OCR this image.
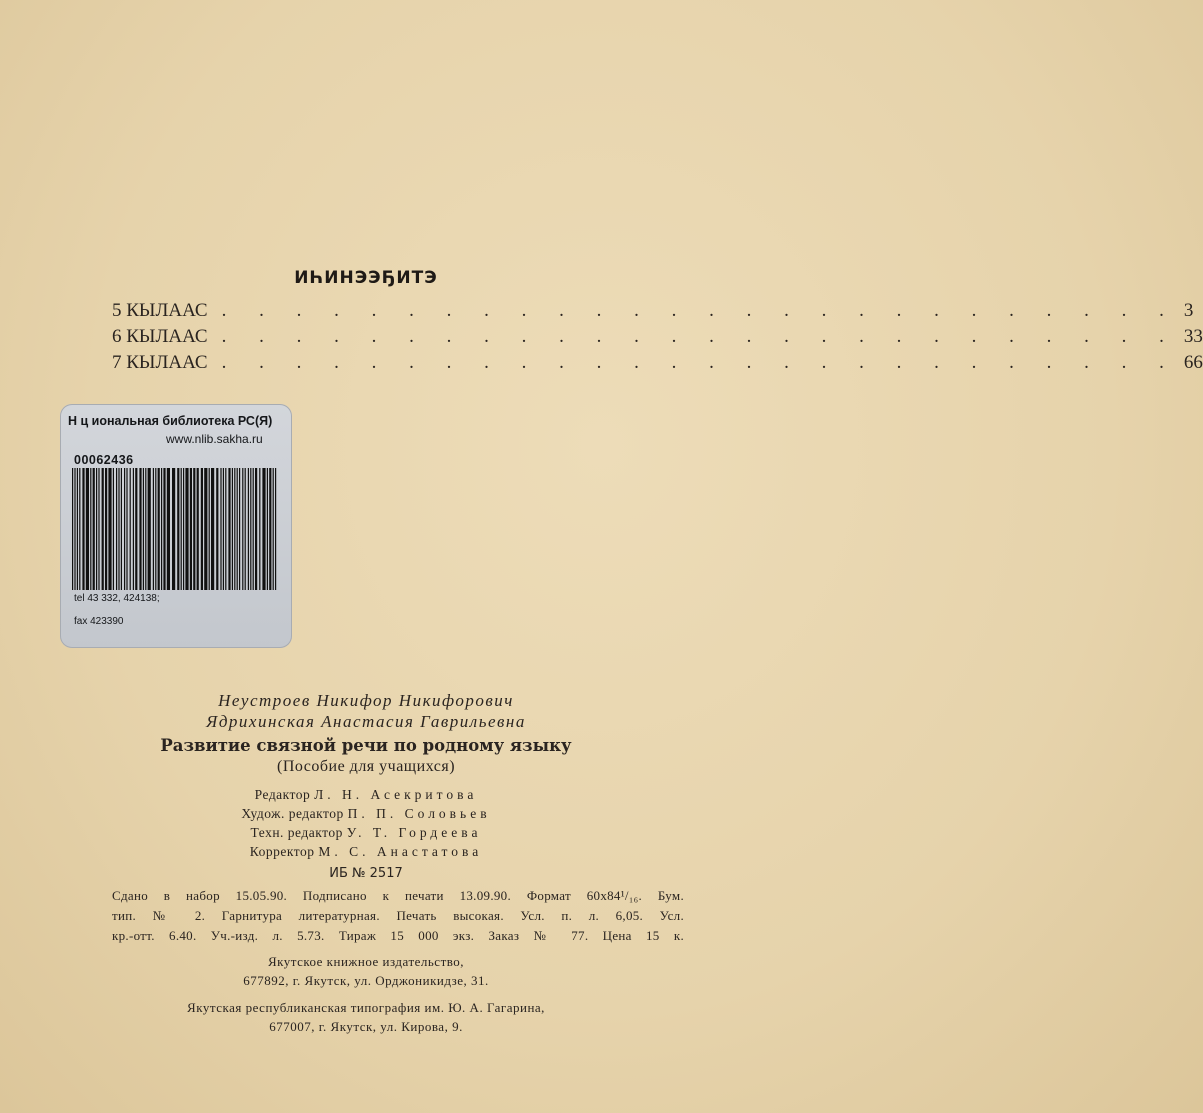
ИҺИНЭЭҔИТЭ
5 КЫЛААС . . . . . . . . . . . . . . . . . . . . . . . . . . 3
6 КЫЛААС . . . . . . . . . . . . . . . . . . . . . . . . . . 33
7 КЫЛААС . . . . . . . . . . . . . . . . . . . . . . . . . . 66
Н ц иональная библиотека РС(Я)
www.nlib.sakha.ru
00062436
tel 43 332, 424138;
fax 423390
Неустроев Никифор Никифорович
Ядрихинская Анастасия Гаврильевна
Развитие связной речи по родному языку
(Пособие для учащихся)
Редактор Л. Н. Асекритова
Худож. редактор П. П. Соловьев
Техн. редактор У. Т. Гордеева
Корректор М. С. Анастатова
ИБ № 2517
Сдано в набор 15.05.90. Подписано к печати 13.09.90. Формат 60x84¹/₁₆. Бум.
тип. № 2. Гарнитура литературная. Печать высокая. Усл. п. л. 6,05. Усл.
кр.-отт. 6.40. Уч.-изд. л. 5.73. Тираж 15 000 экз. Заказ № 77. Цена 15 к.
Якутское книжное издательство,
677892, г. Якутск, ул. Орджоникидзе, 31.
Якутская республиканская типография им. Ю. А. Гагарина,
677007, г. Якутск, ул. Кирова, 9.
